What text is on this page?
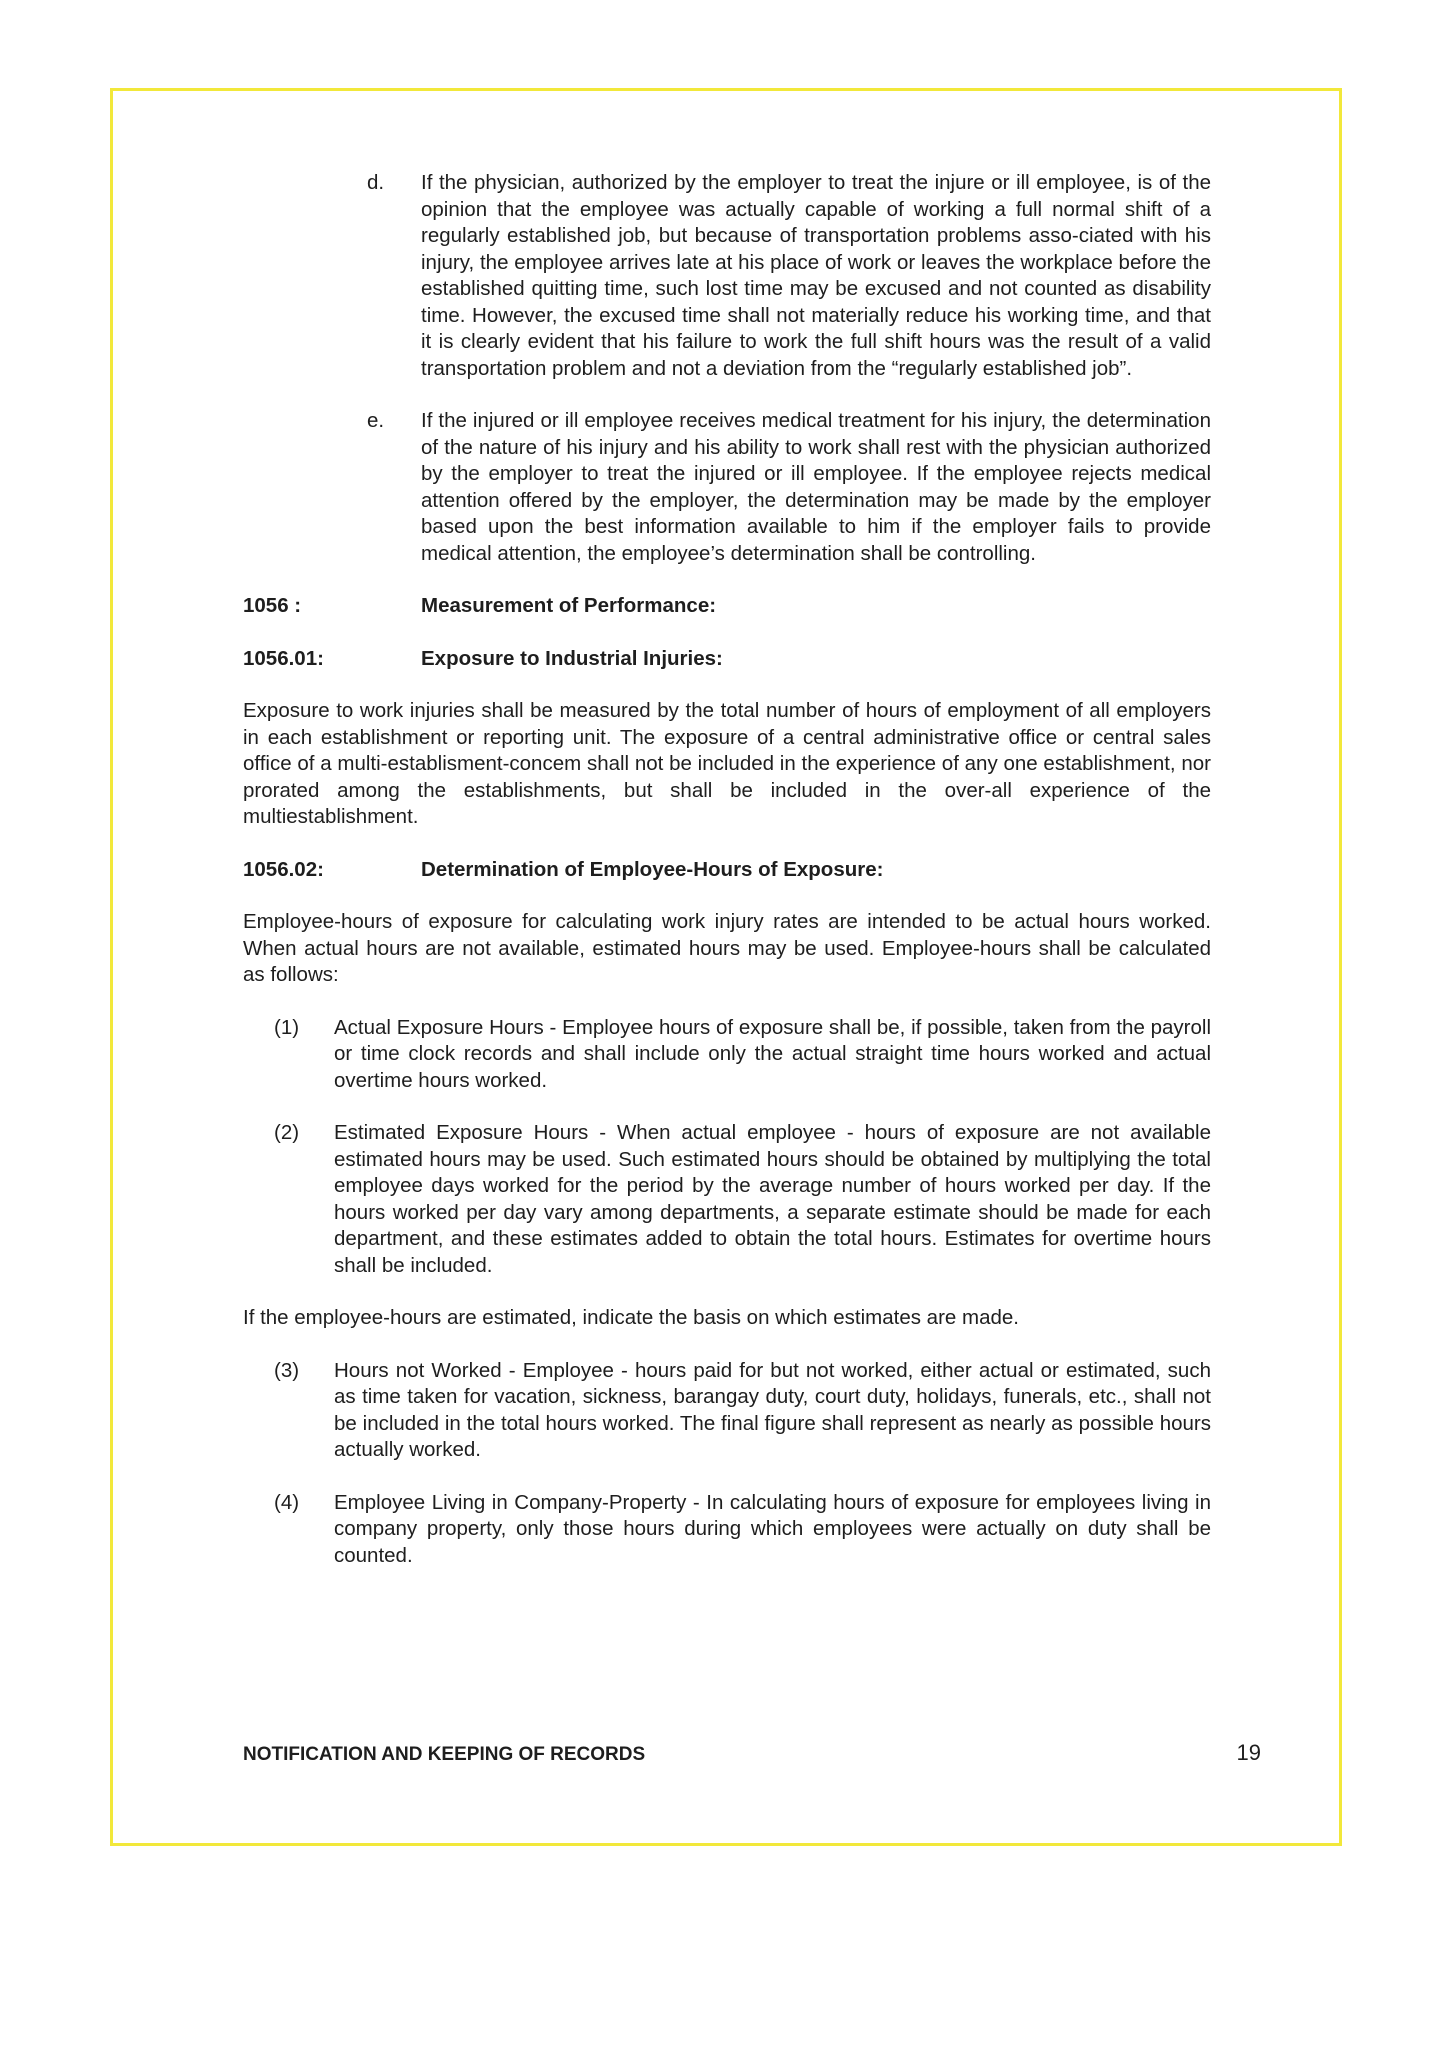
d.	If the physician, authorized by the employer to treat the injure or ill employee, is of the opinion that the employee was actually capable of working a full normal shift of a regularly established job, but because of transportation problems asso-ciated with his injury, the employee arrives late at his place of work or leaves the workplace before the established quitting time, such lost time may be excused and not counted as disability time. However, the excused time shall not materially reduce his working time, and that it is clearly evident that his failure to work the full shift hours was the result of a valid transportation problem and not a deviation from the “regularly established job”.

e.	If the injured or ill employee receives medical treatment for his injury, the determination of the nature of his injury and his ability to work shall rest with the physician authorized by the employer to treat the injured or ill employee. If the employee rejects medical attention offered by the employer, the determination may be made by the employer based upon the best information available to him if the employer fails to provide medical attention, the employee’s determination shall be controlling.

1056 :	Measurement of Performance:
1056.01:	Exposure to Industrial Injuries:

Exposure to work injuries shall be measured by the total number of hours of employment of all employers in each establishment or reporting unit. The exposure of a central administrative office or central sales office of a multi-establisment-concem shall not be included in the experience of any one establishment, nor prorated among the establishments, but shall be included in the over-all experience of the multiestablishment.

1056.02:	Determination of Employee-Hours of Exposure:

Employee-hours of exposure for calculating work injury rates are intended to be actual hours worked. When actual hours are not available, estimated hours may be used. Employee-hours shall be calculated as follows:

(1)	Actual Exposure Hours - Employee hours of exposure shall be, if possible, taken from the payroll or time clock records and shall include only the actual straight time hours worked and actual overtime hours worked.

(2)	Estimated Exposure Hours - When actual employee - hours of exposure are not available estimated hours may be used. Such estimated hours should be obtained by multiplying the total employee days worked for the period by the average number of hours worked per day. If the hours worked per day vary among departments, a separate estimate should be made for each department, and these estimates added to obtain the total hours. Estimates for overtime hours shall be included.

If the employee-hours are estimated, indicate the basis on which estimates are made.

(3)	Hours not Worked - Employee - hours paid for but not worked, either actual or estimated, such as time taken for vacation, sickness, barangay duty, court duty, holidays, funerals, etc., shall not be included in the total hours worked. The final figure shall represent as nearly as possible hours actually worked.

(4)	Employee Living in Company-Property - In calculating hours of exposure for employees living in company property, only those hours during which employees were actually on duty shall be counted.

NOTIFICATION AND KEEPING OF RECORDS	19
